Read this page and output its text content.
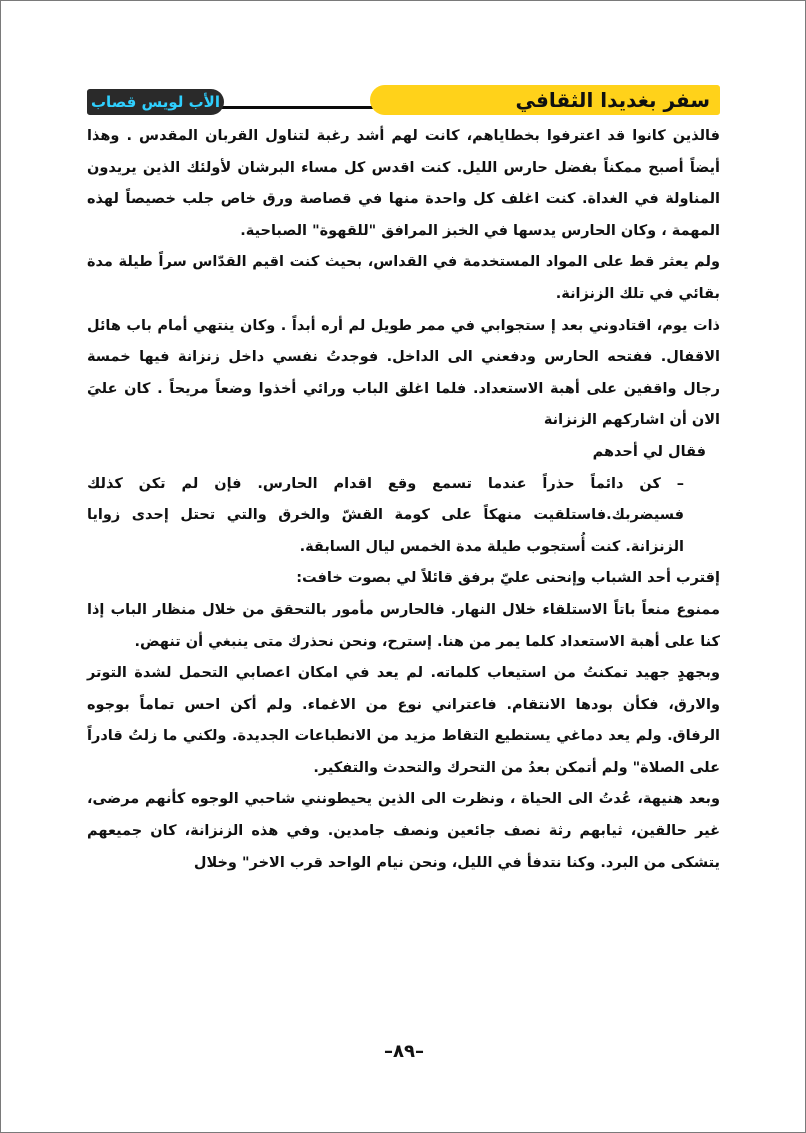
الأب لويس قصاب	سفر بغديدا الثقافي

فالذين كانوا قد اعترفوا بخطاياهم، كانت لهم أشد رغبة لتناول القربان المقدس . وهذا أيضاً أصبح ممكناً بفضل حارس الليل. كنت اقدس كل مساء البرشان لأولئك الذين يريدون المناولة في الغداة. كنت اغلف كل واحدة منها في قصاصة ورق خاص جلب خصيصاً لهذه المهمة ، وكان الحارس يدسها في الخبز المرافق "للقهوة" الصباحية.

ولم يعثر قط على المواد المستخدمة في القداس، بحيث كنت اقيم القدّاس سراً طيلة مدة بقائي في تلك الزنزانة.

ذات يوم، اقتادوني بعد إ ستجوابي في ممر طويل لم أره أبداً . وكان ينتهي أمام باب هائل الاقفال. ففتحه الحارس ودفعني الى الداخل. فوجدتُ نفسي داخل زنزانة فيها خمسة رجال واقفين على أهبة الاستعداد. فلما اغلق الباب ورائي أخذوا وضعاً مريحاً . كان عليَ الان أن اشاركهم الزنزانة

فقال لي أحدهم

– كن دائماً حذراً عندما تسمع وقع اقدام الحارس. فإن لم تكن كذلك فسيضربك.فاستلقيت منهكاً على كومة القشّ والخرق والتي تحتل إحدى زوايا الزنزانة. كنت أُستجوب طيلة مدة الخمس ليال السابقة.

إقترب أحد الشباب وإنحنى عليّ برفق قائلاً لي بصوت خافت:

ممنوع منعاً باتاً الاستلقاء خلال النهار. فالحارس مأمور بالتحقق من خلال منظار الباب إذا كنا على أهبة الاستعداد كلما يمر من هنا. إسترح، ونحن نحذرك متى ينبغي أن تنهض.

وبجهدٍ جهيد تمكنتُ من استيعاب كلماته. لم يعد في امكان اعصابي التحمل لشدة التوتر والارق، فكأن بودها الانتقام. فاعتراني نوع من الاغماء. ولم أكن احس تماماً بوجوه الرفاق. ولم يعد دماغي يستطيع التقاط مزيد من الانطباعات الجديدة. ولكني ما زلتُ قادراً على الصلاة" ولم أتمكن بعدُ من التحرك والتحدث والتفكير.

وبعد هنيهة، عُدتُ الى الحياة ، ونظرت الى الذين يحيطونني شاحبي الوجوه كأنهم مرضى، غير حالقين، ثيابهم رثة نصف جائعين ونصف جامدين. وفي هذه الزنزانة، كان جميعهم يتشكى من البرد. وكنا نتدفأ في الليل، ونحن نيام الواحد قرب الاخر" وخلال

–٨٩–
